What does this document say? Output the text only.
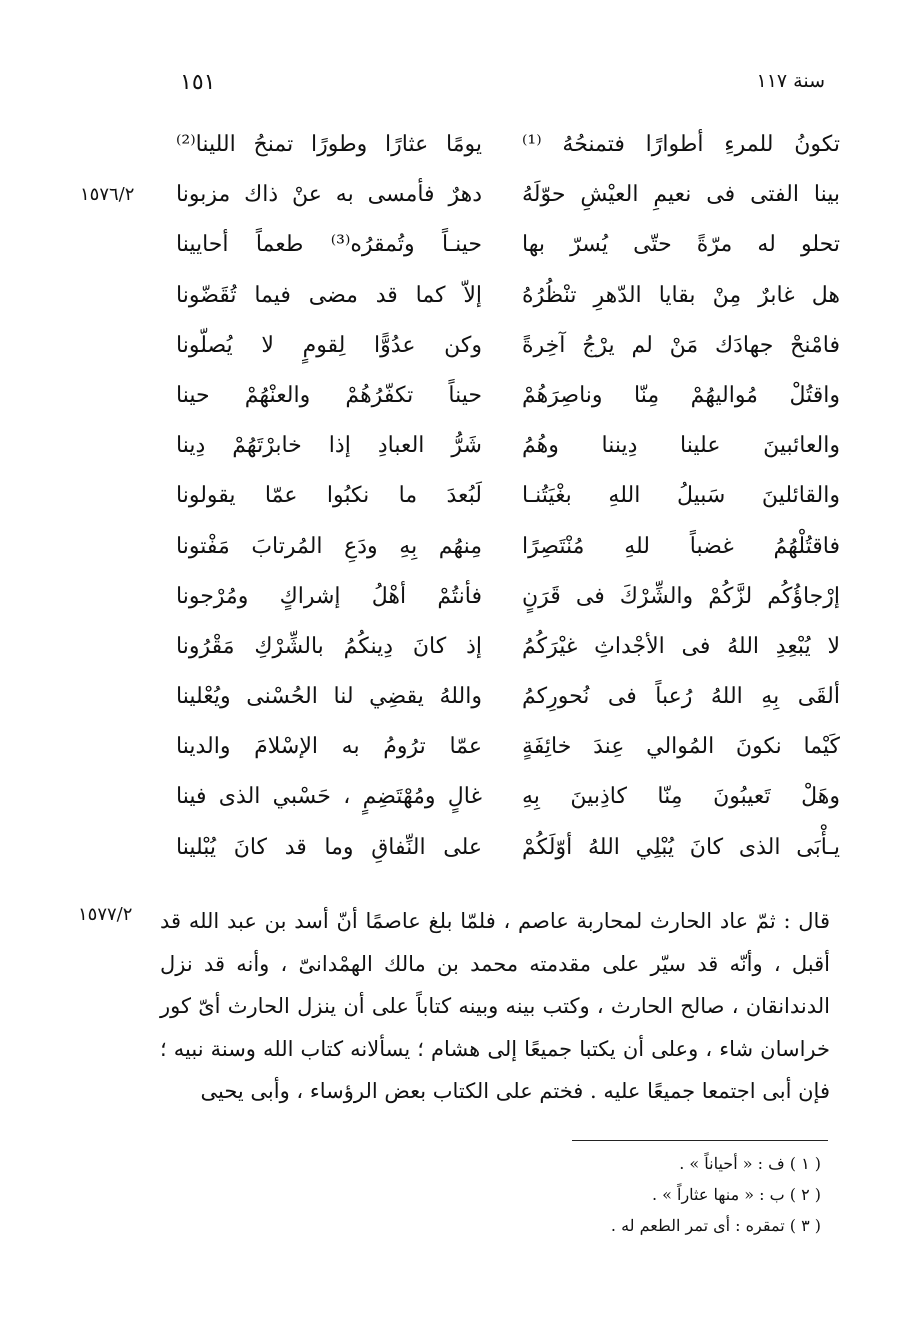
١٥١	سنة ١١٧
تكونُ للمرءِ أطوارًا فتمنحُهُ ⁽¹⁾
يومًا عثارًا وطورًا تمنحُ اللينا⁽²⁾
بينا الفتى فى نعيمِ العيْشِ حوّلَهُ
دهرٌ فأمسى به عنْ ذاك مزبونا
١٥٧٦/٢
تحلو له مرّةً حتّى يُسرّ بها
حينـاً وتُمقرُه⁽³⁾ طعماً أحايينا
هل غابرٌ مِنْ بقايا الدّهرِ تنْظُرُهُ
إلاّ كما قد مضى فيما تُقَضّونا
فامْنحْ جهادَك مَنْ لم يرْجُ آخِرةً
وكن عدُوًّا لِقومٍ لا يُصلّونا
واقتُلْ مُواليهُمْ مِنّا وناصِرَهُمْ
حيناً تكفّرُهُمْ والعنْهُمْ حينا
والعائبينَ علينا دِيننا وهُمُ
شَرُّ العبادِ إذا خابرْتَهُمْ دِينا
والقائلينَ سَبيلُ اللهِ بغْيَتُنـا
لَبُعدَ ما نكبُوا عمّا يقولونا
فاقتُلْهُمُ غضباً للهِ مُنْتَصِرًا
مِنهُم بِهِ ودَعِ المُرتابَ مَفْتونا
إرْجاؤُكُم لزَّكُمْ والشِّرْكَ فى قَرَنٍ
فأنتُمْ أهْلُ إشراكٍ ومُرْجونا
لا يُبْعِدِ اللهُ فى الأجْداثِ غيْرَكُمُ
إذ كانَ دِينكُمُ بالشِّرْكِ مَقْرُونا
ألقَى بِهِ اللهُ رُعباً فى نُحورِكمُ
واللهُ يقضِي لنا الحُسْنى ويُعْلينا
كَيْما نكونَ المُوالي عِندَ خائِفَةٍ
عمّا ترُومُ به الإسْلامَ والدينا
وهَلْ تَعيبُونَ مِنّا كاذِبينَ بِهِ
غالٍ ومُهْتَضِمٍ ، حَسْبي الذى فينا
يـأْبَى الذى كانَ يُبْلِي اللهُ أوّلَكُمْ
على النِّفاقِ وما قد كانَ يُبْلينا
١٥٧٧/٢ قال : ثمّ عاد الحارث لمحاربة عاصم ، فلمّا بلغ عاصمًا أنّ أسد بن عبد الله قد أقبل ، وأنّه قد سيّر على مقدمته محمد بن مالك الهمْدانىّ ، وأنه قد نزل الدندانقان ، صالح الحارث ، وكتب بينه وبينه كتاباً على أن ينزل الحارث أىّ كور خراسان شاء ، وعلى أن يكتبا جميعًا إلى هشام ؛ يسألانه كتاب الله وسنة نبيه ؛ فإن أبى اجتمعا جميعًا عليه . فختم على الكتاب بعض الرؤساء ، وأبى يحيى

( ١ ) ف : « أحياناً » .
( ٢ ) ب : « منها عثاراً » .
( ٣ ) تمقره : أى تمر الطعم له .
